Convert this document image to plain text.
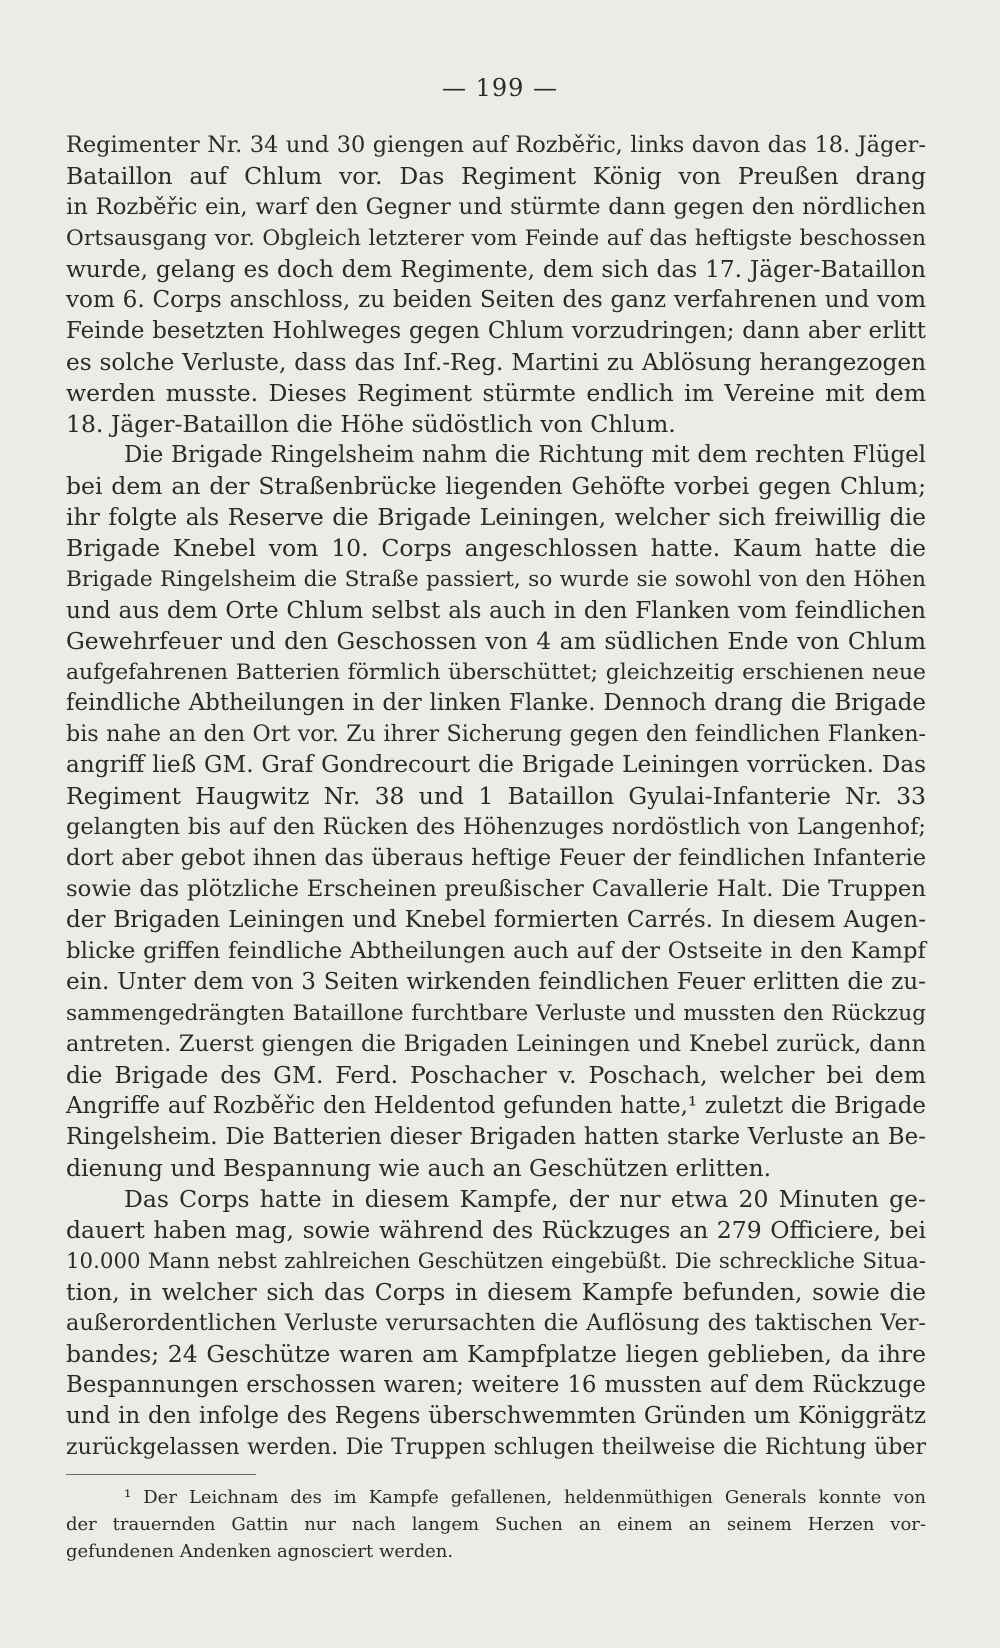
— 199 —

Regimenter Nr. 34 und 30 giengen auf Rozběřic, links davon das 18. Jäger-
Bataillon auf Chlum vor. Das Regiment König von Preußen drang
in Rozběřic ein, warf den Gegner und stürmte dann gegen den nördlichen
Ortsausgang vor. Obgleich letzterer vom Feinde auf das heftigste beschossen
wurde, gelang es doch dem Regimente, dem sich das 17. Jäger-Bataillon
vom 6. Corps anschloss, zu beiden Seiten des ganz verfahrenen und vom
Feinde besetzten Hohlweges gegen Chlum vorzudringen; dann aber erlitt
es solche Verluste, dass das Inf.-Reg. Martini zu Ablösung herangezogen
werden musste. Dieses Regiment stürmte endlich im Vereine mit dem
18. Jäger-Bataillon die Höhe südöstlich von Chlum.

Die Brigade Ringelsheim nahm die Richtung mit dem rechten Flügel
bei dem an der Straßenbrücke liegenden Gehöfte vorbei gegen Chlum;
ihr folgte als Reserve die Brigade Leiningen, welcher sich freiwillig die
Brigade Knebel vom 10. Corps angeschlossen hatte. Kaum hatte die
Brigade Ringelsheim die Straße passiert, so wurde sie sowohl von den Höhen
und aus dem Orte Chlum selbst als auch in den Flanken vom feindlichen
Gewehrfeuer und den Geschossen von 4 am südlichen Ende von Chlum
aufgefahrenen Batterien förmlich überschüttet; gleichzeitig erschienen neue
feindliche Abtheilungen in der linken Flanke. Dennoch drang die Brigade
bis nahe an den Ort vor. Zu ihrer Sicherung gegen den feindlichen Flanken-
angriff ließ GM. Graf Gondrecourt die Brigade Leiningen vorrücken. Das
Regiment Haugwitz Nr. 38 und 1 Bataillon Gyulai-Infanterie Nr. 33
gelangten bis auf den Rücken des Höhenzuges nordöstlich von Langenhof;
dort aber gebot ihnen das überaus heftige Feuer der feindlichen Infanterie
sowie das plötzliche Erscheinen preußischer Cavallerie Halt. Die Truppen
der Brigaden Leiningen und Knebel formierten Carrés. In diesem Augen-
blicke griffen feindliche Abtheilungen auch auf der Ostseite in den Kampf
ein. Unter dem von 3 Seiten wirkenden feindlichen Feuer erlitten die zu-
sammengedrängten Bataillone furchtbare Verluste und mussten den Rückzug
antreten. Zuerst giengen die Brigaden Leiningen und Knebel zurück, dann
die Brigade des GM. Ferd. Poschacher v. Poschach, welcher bei dem
Angriffe auf Rozběřic den Heldentod gefunden hatte,¹ zuletzt die Brigade
Ringelsheim. Die Batterien dieser Brigaden hatten starke Verluste an Be-
dienung und Bespannung wie auch an Geschützen erlitten.

Das Corps hatte in diesem Kampfe, der nur etwa 20 Minuten ge-
dauert haben mag, sowie während des Rückzuges an 279 Officiere, bei
10.000 Mann nebst zahlreichen Geschützen eingebüßt. Die schreckliche Situa-
tion, in welcher sich das Corps in diesem Kampfe befunden, sowie die
außerordentlichen Verluste verursachten die Auflösung des taktischen Ver-
bandes; 24 Geschütze waren am Kampfplatze liegen geblieben, da ihre
Bespannungen erschossen waren; weitere 16 mussten auf dem Rückzuge
und in den infolge des Regens überschwemmten Gründen um Königgrätz
zurückgelassen werden. Die Truppen schlugen theilweise die Richtung über

¹ Der Leichnam des im Kampfe gefallenen, heldenmüthigen Generals konnte von
der trauernden Gattin nur nach langem Suchen an einem an seinem Herzen vor-
gefundenen Andenken agnosciert werden.
